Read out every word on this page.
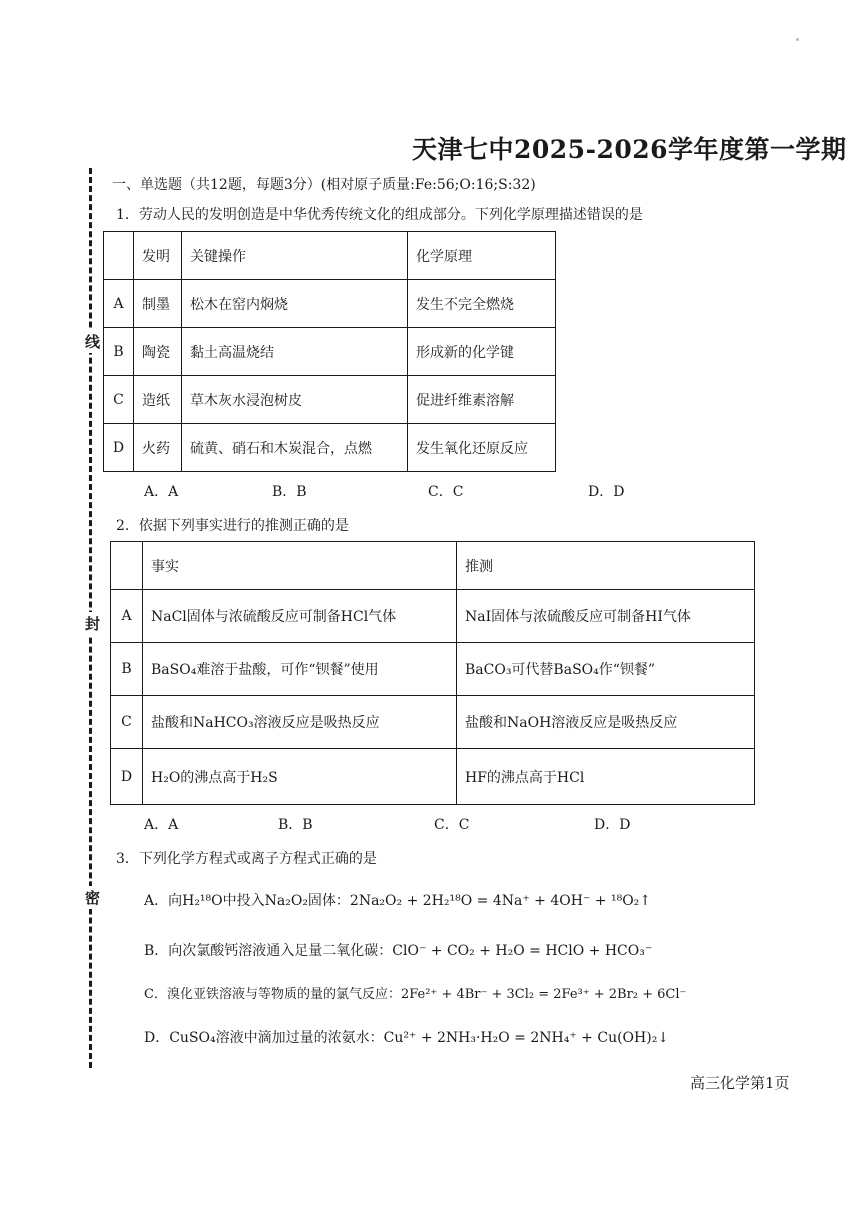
天津七中2025-2026学年度第一学期
线
封
密
一、单选题（共12题，每题3分）(相对原子质量:Fe:56;O:16;S:32)
1．劳动人民的发明创造是中华优秀传统文化的组成部分。下列化学原理描述错误的是
	发明	关键操作	化学原理
A	制墨	松木在窑内焖烧	发生不完全燃烧
B	陶瓷	黏土高温烧结	形成新的化学键
C	造纸	草木灰水浸泡树皮	促进纤维素溶解
D	火药	硫黄、硝石和木炭混合，点燃	发生氧化还原反应
A．A	B．B	C．C	D．D
2．依据下列事实进行的推测正确的是
	事实	推测
A	NaCl固体与浓硫酸反应可制备HCl气体	NaI固体与浓硫酸反应可制备HI气体
B	BaSO₄难溶于盐酸，可作“钡餐”使用	BaCO₃可代替BaSO₄作“钡餐”
C	盐酸和NaHCO₃溶液反应是吸热反应	盐酸和NaOH溶液反应是吸热反应
D	H₂O的沸点高于H₂S	HF的沸点高于HCl
A．A	B．B	C．C	D．D
3．下列化学方程式或离子方程式正确的是
A．向H₂¹⁸O中投入Na₂O₂固体：2Na₂O₂ + 2H₂¹⁸O = 4Na⁺ + 4OH⁻ + ¹⁸O₂↑
B．向次氯酸钙溶液通入足量二氧化碳：ClO⁻ + CO₂ + H₂O = HClO + HCO₃⁻
C．溴化亚铁溶液与等物质的量的氯气反应：2Fe²⁺ + 4Br⁻ + 3Cl₂ = 2Fe³⁺ + 2Br₂ + 6Cl⁻
D．CuSO₄溶液中滴加过量的浓氨水：Cu²⁺ + 2NH₃·H₂O = 2NH₄⁺ + Cu(OH)₂↓
高三化学第1页
